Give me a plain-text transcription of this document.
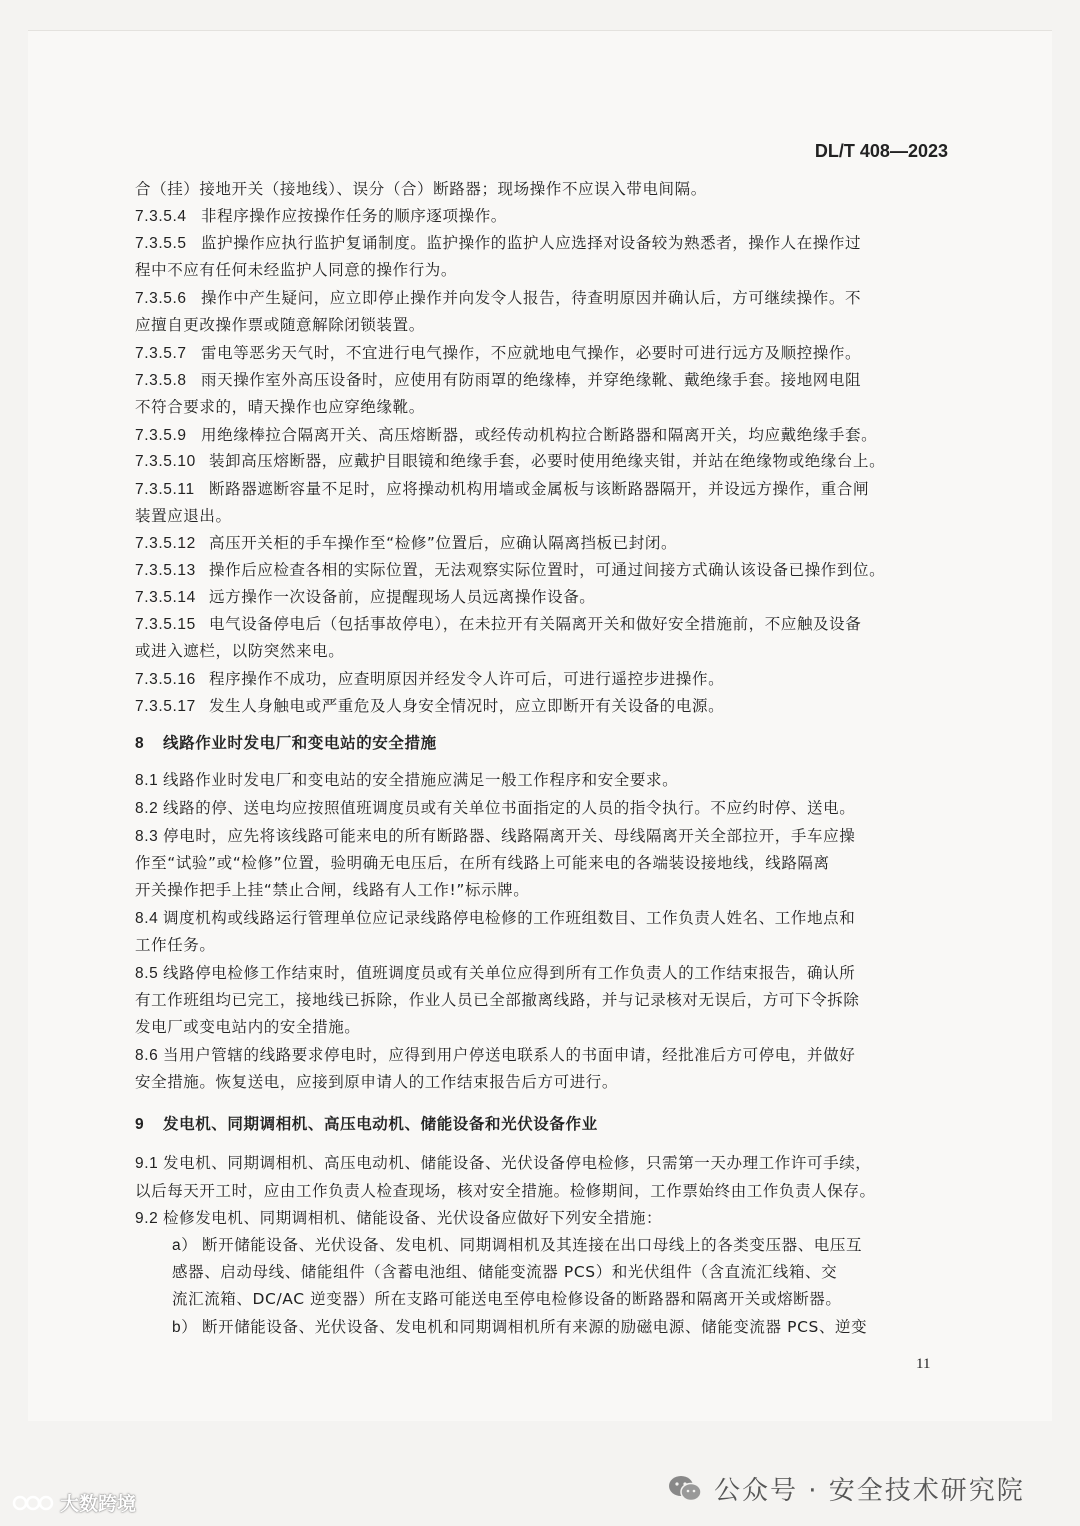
DL/T 408—2023
合（挂）接地开关（接地线）、误分（合）断路器；现场操作不应误入带电间隔。
7.3.5.4 非程序操作应按操作任务的顺序逐项操作。
7.3.5.5 监护操作应执行监护复诵制度。监护操作的监护人应选择对设备较为熟悉者，操作人在操作过
程中不应有任何未经监护人同意的操作行为。
7.3.5.6 操作中产生疑问，应立即停止操作并向发令人报告，待查明原因并确认后，方可继续操作。不
应擅自更改操作票或随意解除闭锁装置。
7.3.5.7 雷电等恶劣天气时，不宜进行电气操作，不应就地电气操作，必要时可进行远方及顺控操作。
7.3.5.8 雨天操作室外高压设备时，应使用有防雨罩的绝缘棒，并穿绝缘靴、戴绝缘手套。接地网电阻
不符合要求的，晴天操作也应穿绝缘靴。
7.3.5.9 用绝缘棒拉合隔离开关、高压熔断器，或经传动机构拉合断路器和隔离开关，均应戴绝缘手套。
7.3.5.10 装卸高压熔断器，应戴护目眼镜和绝缘手套，必要时使用绝缘夹钳，并站在绝缘物或绝缘台上。
7.3.5.11 断路器遮断容量不足时，应将操动机构用墙或金属板与该断路器隔开，并设远方操作，重合闸
装置应退出。
7.3.5.12 高压开关柜的手车操作至“检修”位置后，应确认隔离挡板已封闭。
7.3.5.13 操作后应检查各相的实际位置，无法观察实际位置时，可通过间接方式确认该设备已操作到位。
7.3.5.14 远方操作一次设备前，应提醒现场人员远离操作设备。
7.3.5.15 电气设备停电后（包括事故停电），在未拉开有关隔离开关和做好安全措施前，不应触及设备
或进入遮栏，以防突然来电。
7.3.5.16 程序操作不成功，应查明原因并经发令人许可后，可进行遥控步进操作。
7.3.5.17 发生人身触电或严重危及人身安全情况时，应立即断开有关设备的电源。
8 线路作业时发电厂和变电站的安全措施
8.1 线路作业时发电厂和变电站的安全措施应满足一般工作程序和安全要求。
8.2 线路的停、送电均应按照值班调度员或有关单位书面指定的人员的指令执行。不应约时停、送电。
8.3 停电时，应先将该线路可能来电的所有断路器、线路隔离开关、母线隔离开关全部拉开，手车应操
作至“试验”或“检修”位置，验明确无电压后，在所有线路上可能来电的各端装设接地线，线路隔离
开关操作把手上挂“禁止合闸，线路有人工作!”标示牌。
8.4 调度机构或线路运行管理单位应记录线路停电检修的工作班组数目、工作负责人姓名、工作地点和
工作任务。
8.5 线路停电检修工作结束时，值班调度员或有关单位应得到所有工作负责人的工作结束报告，确认所
有工作班组均已完工，接地线已拆除，作业人员已全部撤离线路，并与记录核对无误后，方可下令拆除
发电厂或变电站内的安全措施。
8.6 当用户管辖的线路要求停电时，应得到用户停送电联系人的书面申请，经批准后方可停电，并做好
安全措施。恢复送电，应接到原申请人的工作结束报告后方可进行。
9 发电机、同期调相机、高压电动机、储能设备和光伏设备作业
9.1 发电机、同期调相机、高压电动机、储能设备、光伏设备停电检修，只需第一天办理工作许可手续，
以后每天开工时，应由工作负责人检查现场，核对安全措施。检修期间，工作票始终由工作负责人保存。
9.2 检修发电机、同期调相机、储能设备、光伏设备应做好下列安全措施：
a） 断开储能设备、光伏设备、发电机、同期调相机及其连接在出口母线上的各类变压器、电压互
感器、启动母线、储能组件（含蓄电池组、储能变流器 PCS）和光伏组件（含直流汇线箱、交
流汇流箱、DC/AC 逆变器）所在支路可能送电至停电检修设备的断路器和隔离开关或熔断器。
b） 断开储能设备、光伏设备、发电机和同期调相机所有来源的励磁电源、储能变流器 PCS、逆变
11
公众号 · 安全技术研究院
大数跨境
